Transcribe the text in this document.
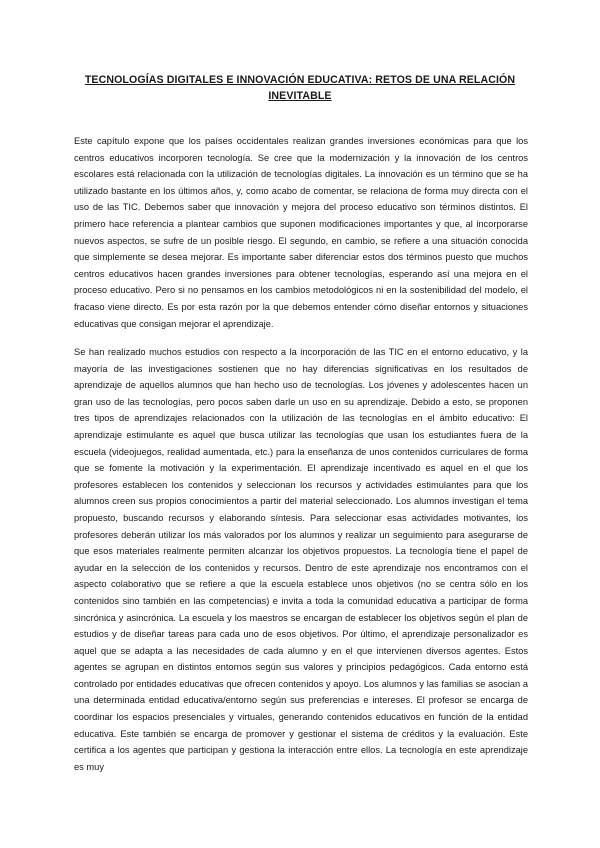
TECNOLOGÍAS DIGITALES E INNOVACIÓN EDUCATIVA: RETOS DE UNA RELACIÓN INEVITABLE

Este capítulo expone que los países occidentales realizan grandes inversiones económicas para que los centros educativos incorporen tecnología. Se cree que la modernización y la innovación de los centros escolares está relacionada con la utilización de tecnologías digitales. La innovación es un término que se ha utilizado bastante en los últimos años, y, como acabo de comentar, se relaciona de forma muy directa con el uso de las TIC. Debemos saber que innovación y mejora del proceso educativo son términos distintos. El primero hace referencia a plantear cambios que suponen modificaciones importantes y que, al incorporarse nuevos aspectos, se sufre de un posible riesgo. El segundo, en cambio, se refiere a una situación conocida que simplemente se desea mejorar. Es importante saber diferenciar estos dos términos puesto que muchos centros educativos hacen grandes inversiones para obtener tecnologías, esperando así una mejora en el proceso educativo. Pero si no pensamos en los cambios metodológicos ni en la sostenibilidad del modelo, el fracaso viene directo. Es por esta razón por la que debemos entender cómo diseñar entornos y situaciones educativas que consigan mejorar el aprendizaje.

Se han realizado muchos estudios con respecto a la incorporación de las TIC en el entorno educativo, y la mayoría de las investigaciones sostienen que no hay diferencias significativas en los resultados de aprendizaje de aquellos alumnos que han hecho uso de tecnologías. Los jóvenes y adolescentes hacen un gran uso de las tecnologías, pero pocos saben darle un uso en su aprendizaje. Debido a esto, se proponen tres tipos de aprendizajes relacionados con la utilización de las tecnologías en el ámbito educativo: El aprendizaje estimulante es aquel que busca utilizar las tecnologías que usan los estudiantes fuera de la escuela (videojuegos, realidad aumentada, etc.) para la enseñanza de unos contenidos curriculares de forma que se fomente la motivación y la experimentación. El aprendizaje incentivado es aquel en el que los profesores establecen los contenidos y seleccionan los recursos y actividades estimulantes para que los alumnos creen sus propios conocimientos a partir del material seleccionado. Los alumnos investigan el tema propuesto, buscando recursos y elaborando síntesis. Para seleccionar esas actividades motivantes, los profesores deberán utilizar los más valorados por los alumnos y realizar un seguimiento para asegurarse de que esos materiales realmente permiten alcanzar los objetivos propuestos. La tecnología tiene el papel de ayudar en la selección de los contenidos y recursos. Dentro de este aprendizaje nos encontramos con el aspecto colaborativo que se refiere a que la escuela establece unos objetivos (no se centra sólo en los contenidos sino también en las competencias) e invita a toda la comunidad educativa a participar de forma sincrónica y asincrónica. La escuela y los maestros se encargan de establecer los objetivos según el plan de estudios y de diseñar tareas para cada uno de esos objetivos. Por último, el aprendizaje personalizador es aquel que se adapta a las necesidades de cada alumno y en el que intervienen diversos agentes. Estos agentes se agrupan en distintos entornos según sus valores y principios pedagógicos. Cada entorno está controlado por entidades educativas que ofrecen contenidos y apoyo. Los alumnos y las familias se asocian a una determinada entidad educativa/entorno según sus preferencias e intereses. El profesor se encarga de coordinar los espacios presenciales y virtuales, generando contenidos educativos en función de la entidad educativa. Este también se encarga de promover y gestionar el sistema de créditos y la evaluación. Este certifica a los agentes que participan y gestiona la interacción entre ellos. La tecnología en este aprendizaje es muy
